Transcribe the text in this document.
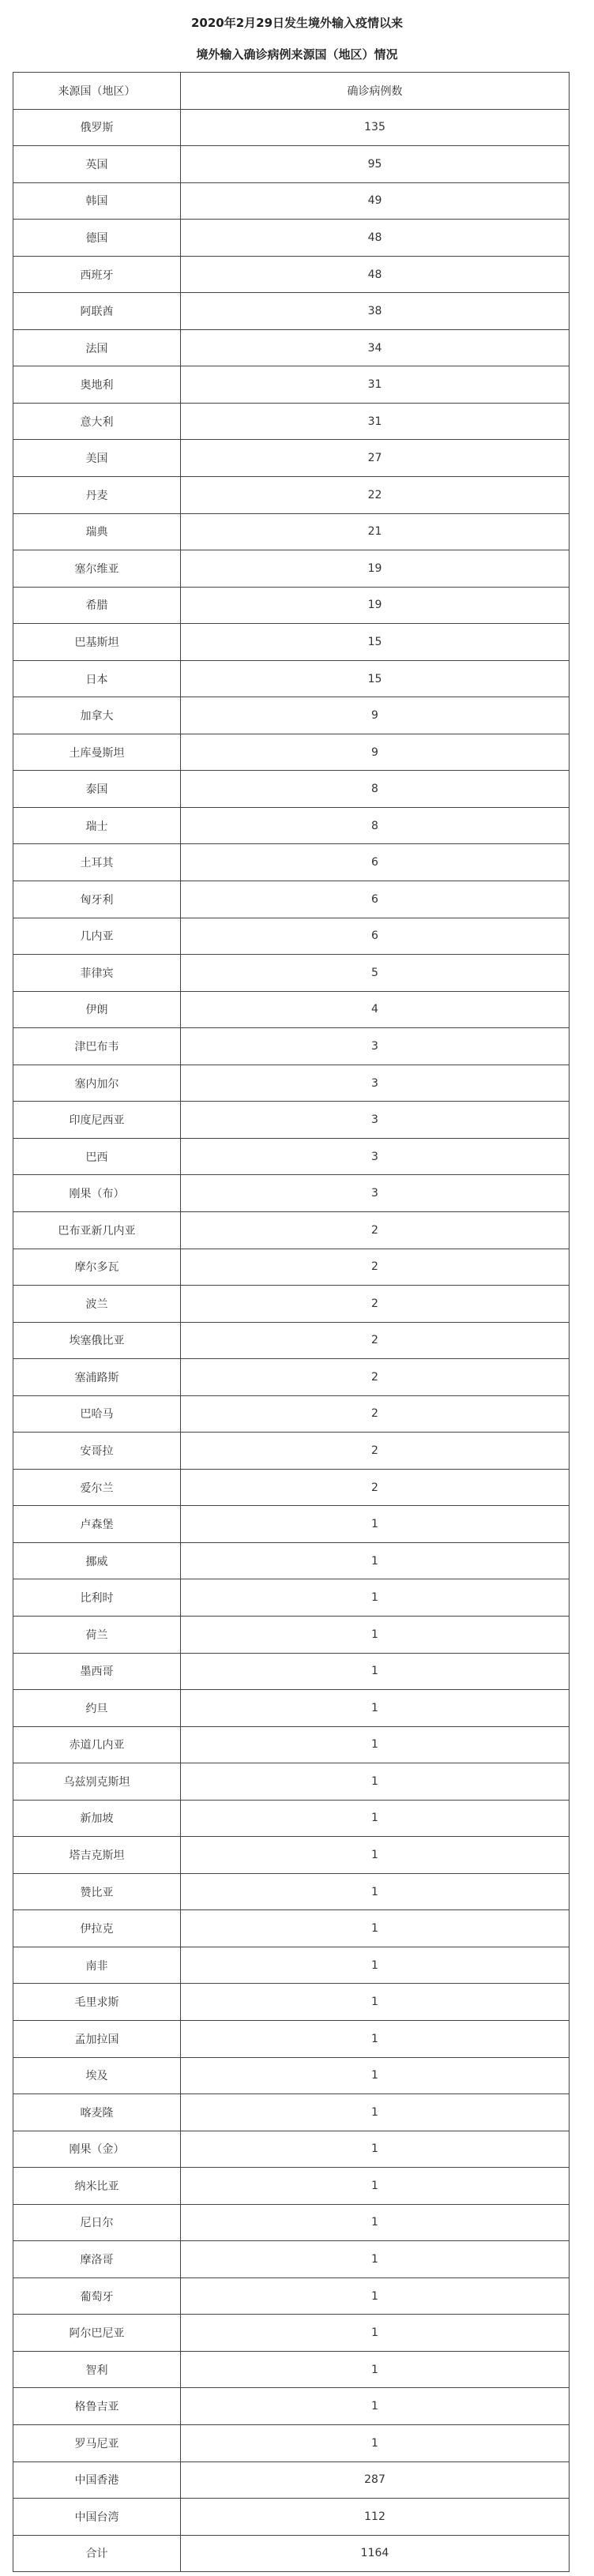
2020年2月29日发生境外输入疫情以来
境外输入确诊病例来源国（地区）情况
来源国（地区）	确诊病例数
俄罗斯	135
英国	95
韩国	49
德国	48
西班牙	48
阿联酋	38
法国	34
奥地利	31
意大利	31
美国	27
丹麦	22
瑞典	21
塞尔维亚	19
希腊	19
巴基斯坦	15
日本	15
加拿大	9
土库曼斯坦	9
泰国	8
瑞士	8
土耳其	6
匈牙利	6
几内亚	6
菲律宾	5
伊朗	4
津巴布韦	3
塞内加尔	3
印度尼西亚	3
巴西	3
刚果（布）	3
巴布亚新几内亚	2
摩尔多瓦	2
波兰	2
埃塞俄比亚	2
塞浦路斯	2
巴哈马	2
安哥拉	2
爱尔兰	2
卢森堡	1
挪威	1
比利时	1
荷兰	1
墨西哥	1
约旦	1
赤道几内亚	1
乌兹别克斯坦	1
新加坡	1
塔吉克斯坦	1
赞比亚	1
伊拉克	1
南非	1
毛里求斯	1
孟加拉国	1
埃及	1
喀麦隆	1
刚果（金）	1
纳米比亚	1
尼日尔	1
摩洛哥	1
葡萄牙	1
阿尔巴尼亚	1
智利	1
格鲁吉亚	1
罗马尼亚	1
中国香港	287
中国台湾	112
合计	1164
